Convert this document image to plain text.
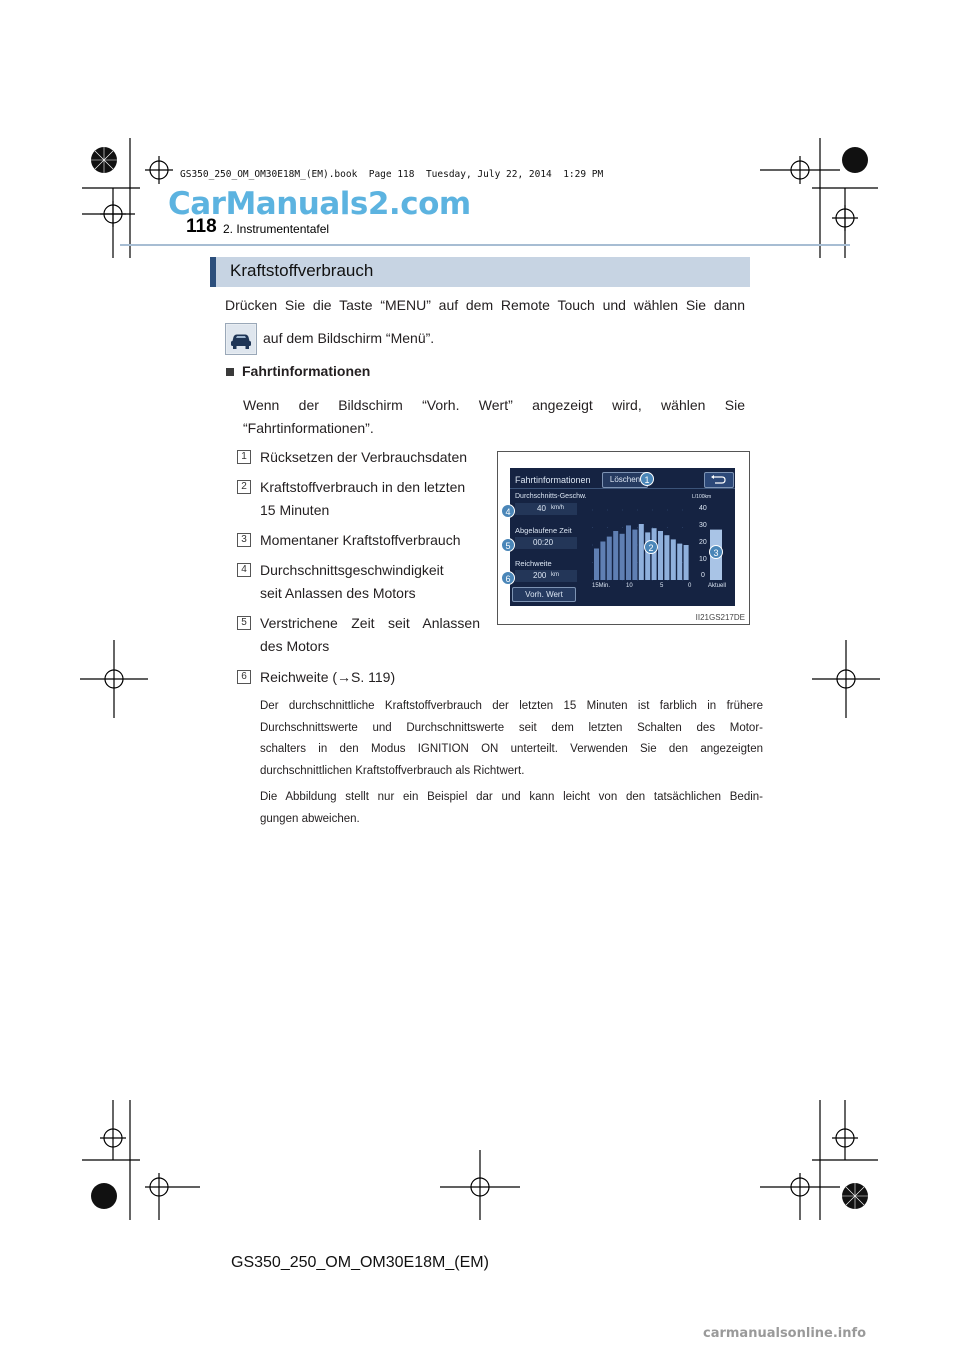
GS350_250_OM_OM30E18M_(EM).book  Page 118  Tuesday, July 22, 2014  1:29 PM
CarManuals2.com
118 2. Instrumententafel
Kraftstoffverbrauch
Drücken Sie die Taste “MENU” auf dem Remote Touch und wählen Sie dann
auf dem Bildschirm “Menü”.
Fahrtinformationen
Wenn der Bildschirm “Vorh. Wert” angezeigt wird, wählen Sie
“Fahrtinformationen”.
1 Rücksetzen der Verbrauchsdaten
2 Kraftstoffverbrauch in den letzten
15 Minuten
3 Momentaner Kraftstoffverbrauch
4 Durchschnittsgeschwindigkeit
seit Anlassen des Motors
5 Verstrichene Zeit seit Anlassen
des Motors
6 Reichweite (→S. 119)
Fahrtinformationen	Löschen
Durchschnitts-Geschw.
40 km/h
Abgelaufene Zeit
00:20
Reichweite
200 km
Vorh. Wert
L/100km
40
30
20
10
0
15Min.	10	5	0	Aktuell
1
2	3
4
5
6
II21GS217DE
Der durchschnittliche Kraftstoffverbrauch der letzten 15 Minuten ist farblich in frühere
Durchschnittswerte und Durchschnittswerte seit dem letzten Schalten des Motor-
schalters in den Modus IGNITION ON unterteilt. Verwenden Sie den angezeigten
durchschnittlichen Kraftstoffverbrauch als Richtwert.
Die Abbildung stellt nur ein Beispiel dar und kann leicht von den tatsächlichen Bedin-
gungen abweichen.
GS350_250_OM_OM30E18M_(EM)
carmanualsonline.info
